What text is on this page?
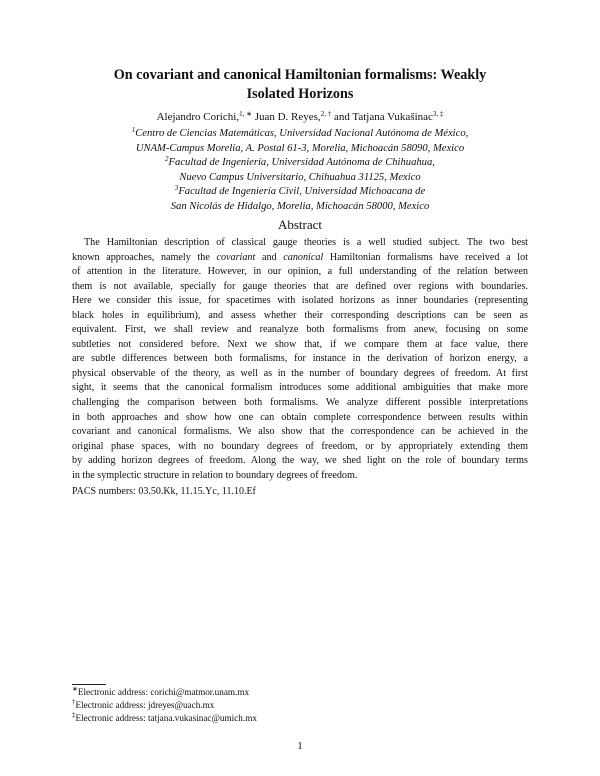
On covariant and canonical Hamiltonian formalisms: Weakly
Isolated Horizons
Alejandro Corichi,$^{1, ∗}$ Juan D. Reyes,$^{2, \dagger}$ and Tatjana Vukašinac$^{3, \ddagger}$
$^1$Centro de Ciencias Matemáticas, Universidad Nacional Autónoma de México,
UNAM-Campus Morelia, A. Postal 61-3, Morelia, Michoacán 58090, Mexico
$^2$Facultad de Ingeniería, Universidad Autónoma de Chihuahua,
Nuevo Campus Universitario, Chihuahua 31125, Mexico
$^3$Facultad de Ingeniería Civil, Universidad Michoacana de
San Nicolás de Hidalgo, Morelia, Michoacán 58000, Mexico
Abstract
The Hamiltonian description of classical gauge theories is a well studied subject. The two best
known approaches, namely the covariant and canonical Hamiltonian formalisms have received a lot
of attention in the literature. However, in our opinion, a full understanding of the relation between
them is not available, specially for gauge theories that are defined over regions with boundaries.
Here we consider this issue, for spacetimes with isolated horizons as inner boundaries (representing
black holes in equilibrium), and assess whether their corresponding descriptions can be seen as
equivalent. First, we shall review and reanalyze both formalisms from anew, focusing on some
subtleties not considered before. Next we show that, if we compare them at face value, there
are subtle differences between both formalisms, for instance in the derivation of horizon energy, a
physical observable of the theory, as well as in the number of boundary degrees of freedom. At first
sight, it seems that the canonical formalism introduces some additional ambiguities that make more
challenging the comparison between both formalisms. We analyze different possible interpretations
in both approaches and show how one can obtain complete correspondence between results within
covariant and canonical formalisms. We also show that the correspondence can be achieved in the
original phase spaces, with no boundary degrees of freedom, or by appropriately extending them
by adding horizon degrees of freedom. Along the way, we shed light on the role of boundary terms
in the symplectic structure in relation to boundary degrees of freedom.
PACS numbers: 03.50.Kk, 11.15.Yc, 11.10.Ef
∗Electronic address: corichi@matmor.unam.mx
†Electronic address: jdreyes@uach.mx
‡Electronic address: tatjana.vukasinac@umich.mx
1
